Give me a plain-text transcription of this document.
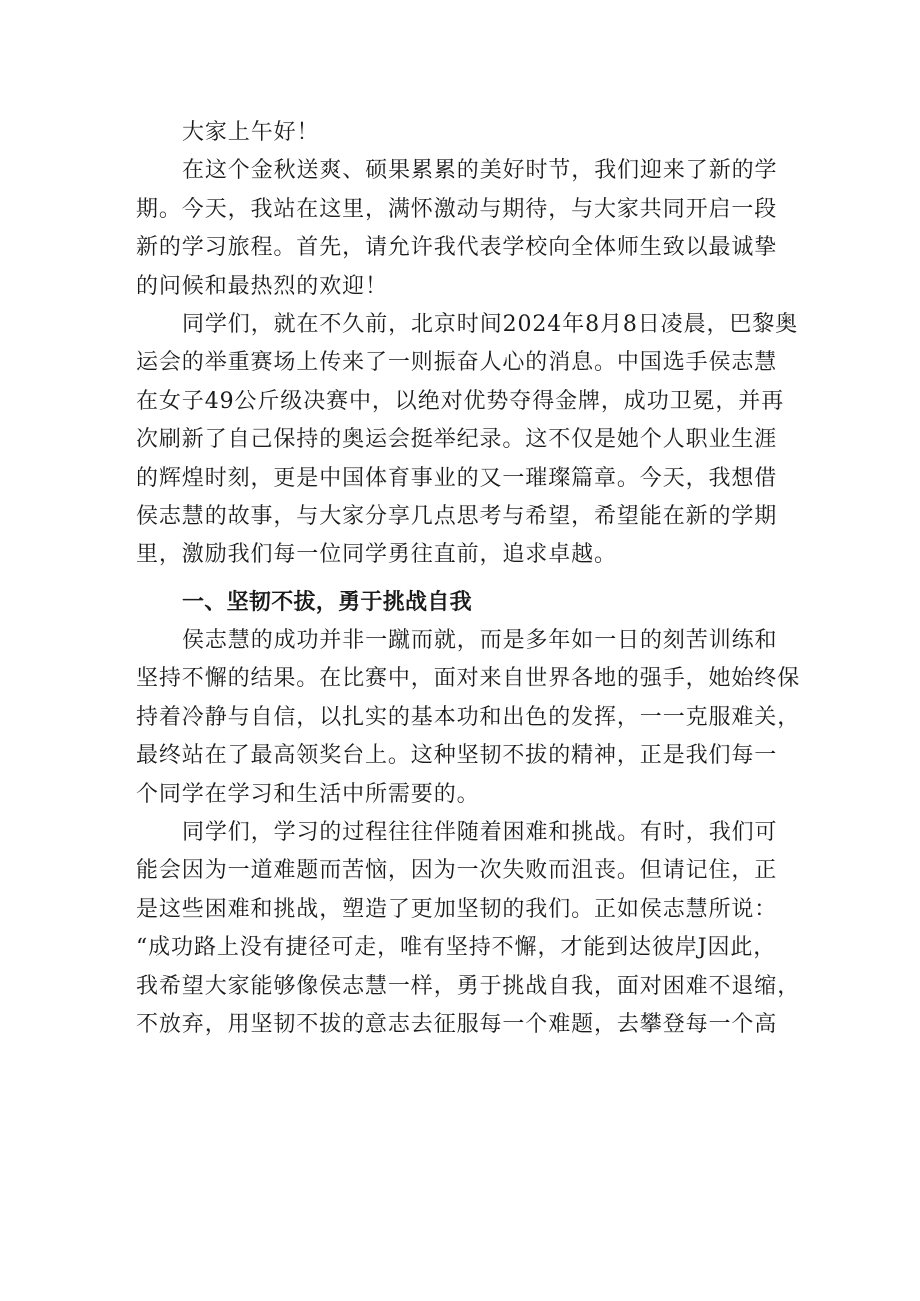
大家上午好！
在这个金秋送爽、硕果累累的美好时节，我们迎来了新的学
期。今天，我站在这里，满怀激动与期待，与大家共同开启一段
新的学习旅程。首先，请允许我代表学校向全体师生致以最诚挚
的问候和最热烈的欢迎！
同学们，就在不久前，北京时间2024年8月8日凌晨，巴黎奥
运会的举重赛场上传来了一则振奋人心的消息。中国选手侯志慧
在女子49公斤级决赛中，以绝对优势夺得金牌，成功卫冕，并再
次刷新了自己保持的奥运会挺举纪录。这不仅是她个人职业生涯
的辉煌时刻，更是中国体育事业的又一璀璨篇章。今天，我想借
侯志慧的故事，与大家分享几点思考与希望，希望能在新的学期
里，激励我们每一位同学勇往直前，追求卓越。
一、坚韧不拔，勇于挑战自我
侯志慧的成功并非一蹴而就，而是多年如一日的刻苦训练和
坚持不懈的结果。在比赛中，面对来自世界各地的强手，她始终保
持着冷静与自信，以扎实的基本功和出色的发挥，一一克服难关，
最终站在了最高领奖台上。这种坚韧不拔的精神，正是我们每一
个同学在学习和生活中所需要的。
同学们，学习的过程往往伴随着困难和挑战。有时，我们可
能会因为一道难题而苦恼，因为一次失败而沮丧。但请记住，正
是这些困难和挑战，塑造了更加坚韧的我们。正如侯志慧所说：
“成功路上没有捷径可走，唯有坚持不懈，才能到达彼岸J因此，
我希望大家能够像侯志慧一样，勇于挑战自我，面对困难不退缩，
不放弃，用坚韧不拔的意志去征服每一个难题，去攀登每一个高
